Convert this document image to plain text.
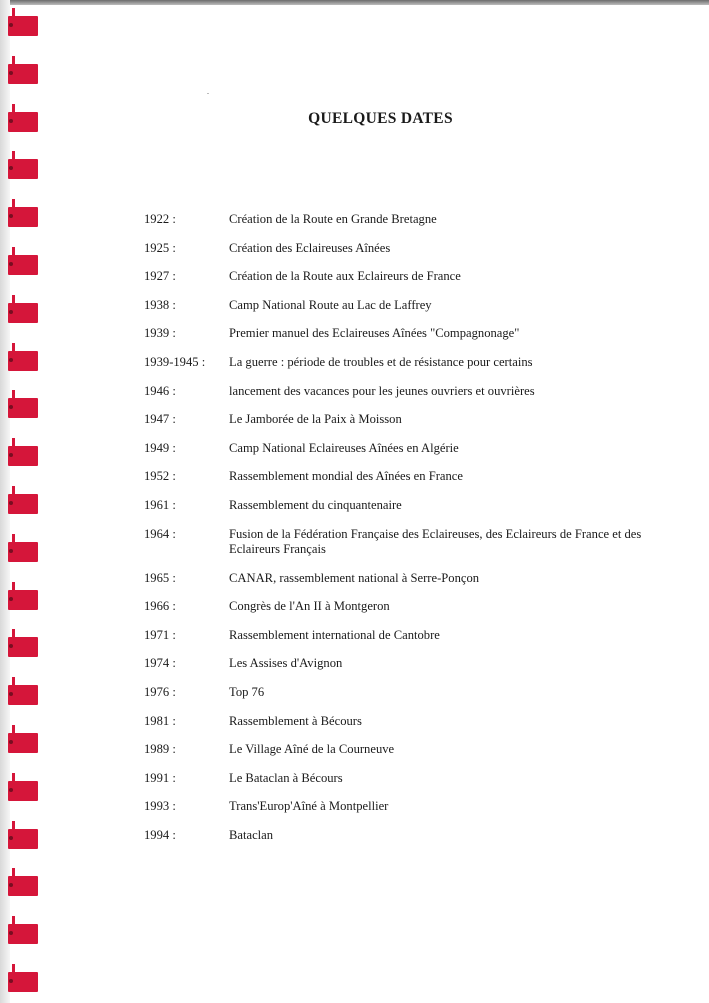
QUELQUES DATES
1922 :	Création de la Route en Grande Bretagne
1925 :	Création des Eclaireuses Aînées
1927 :	Création de la Route aux Eclaireurs de France
1938 :	Camp National Route au Lac de Laffrey
1939 :	Premier manuel des Eclaireuses Aînées "Compagnonage"
1939-1945 :	La guerre : période de troubles et de résistance pour certains
1946 :	lancement des vacances pour les jeunes ouvriers et ouvrières
1947 :	Le Jamborée de la Paix à Moisson
1949 :	Camp National Eclaireuses Aînées en Algérie
1952 :	Rassemblement mondial des Aînées en France
1961 :	Rassemblement du cinquantenaire
1964 :	Fusion de la Fédération Française des Eclaireuses, des Eclaireurs de France et des Eclaireurs Français
1965 :	CANAR, rassemblement national à Serre-Ponçon
1966 :	Congrès de l'An II à Montgeron
1971 :	Rassemblement international de Cantobre
1974 :	Les Assises d'Avignon
1976 :	Top 76
1981 :	Rassemblement à Bécours
1989 :	Le Village Aîné de la Courneuve
1991 :	Le Bataclan à Bécours
1993 :	Trans'Europ'Aîné à Montpellier
1994 :	Bataclan
